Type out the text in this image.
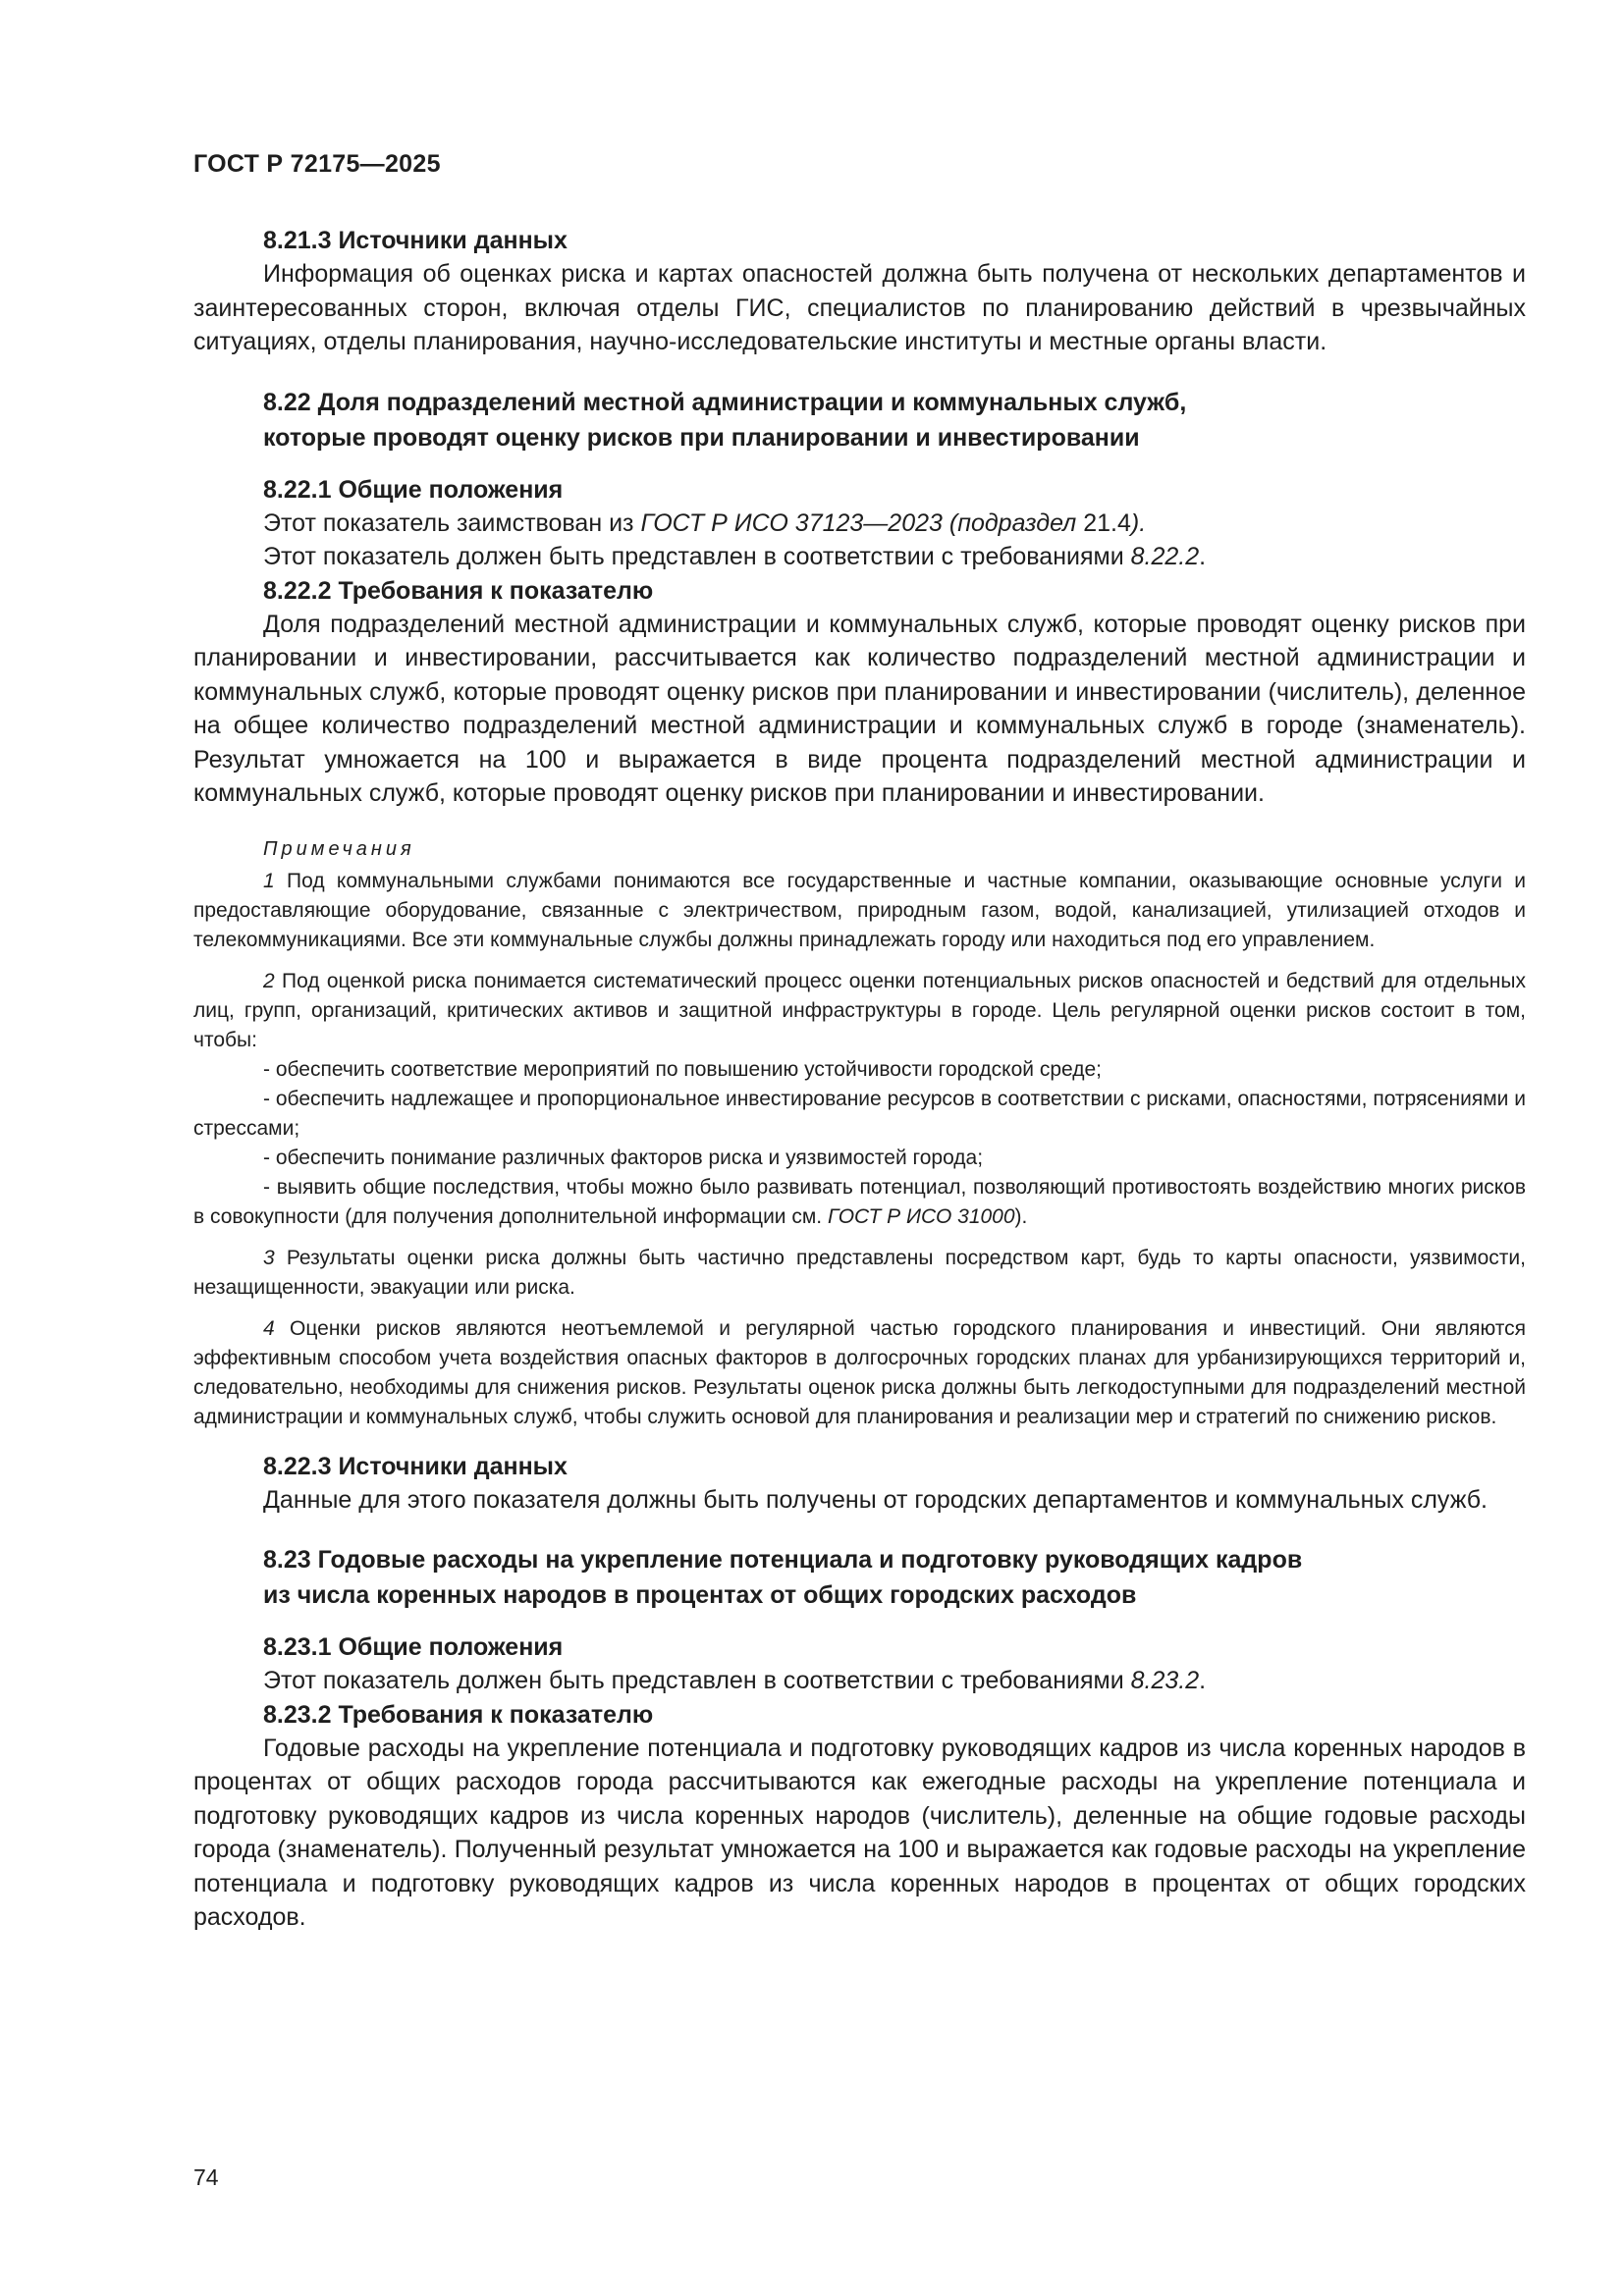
ГОСТ Р 72175—2025

8.21.3 Источники данных

Информация об оценках риска и картах опасностей должна быть получена от нескольких департаментов и заинтересованных сторон, включая отделы ГИС, специалистов по планированию действий в чрезвычайных ситуациях, отделы планирования, научно-исследовательские институты и местные органы власти.

8.22 Доля подразделений местной администрации и коммунальных служб,

которые проводят оценку рисков при планировании и инвестировании

8.22.1 Общие положения

Этот показатель заимствован из ГОСТ Р ИСО 37123—2023 (подраздел 21.4).

Этот показатель должен быть представлен в соответствии с требованиями 8.22.2.

8.22.2 Требования к показателю

Доля подразделений местной администрации и коммунальных служб, которые проводят оценку рисков при планировании и инвестировании, рассчитывается как количество подразделений местной администрации и коммунальных служб, которые проводят оценку рисков при планировании и инвестировании (числитель), деленное на общее количество подразделений местной администрации и коммунальных служб в городе (знаменатель). Результат умножается на 100 и выражается в виде процента подразделений местной администрации и коммунальных служб, которые проводят оценку рисков при планировании и инвестировании.

Примечания

1 Под коммунальными службами понимаются все государственные и частные компании, оказывающие основные услуги и предоставляющие оборудование, связанные с электричеством, природным газом, водой, канализацией, утилизацией отходов и телекоммуникациями. Все эти коммунальные службы должны принадлежать городу или находиться под его управлением.

2 Под оценкой риска понимается систематический процесс оценки потенциальных рисков опасностей и бедствий для отдельных лиц, групп, организаций, критических активов и защитной инфраструктуры в городе. Цель регулярной оценки рисков состоит в том, чтобы:

- обеспечить соответствие мероприятий по повышению устойчивости городской среде;

- обеспечить надлежащее и пропорциональное инвестирование ресурсов в соответствии с рисками, опасностями, потрясениями и стрессами;

- обеспечить понимание различных факторов риска и уязвимостей города;

- выявить общие последствия, чтобы можно было развивать потенциал, позволяющий противостоять воздействию многих рисков в совокупности (для получения дополнительной информации см. ГОСТ Р ИСО 31000).

3 Результаты оценки риска должны быть частично представлены посредством карт, будь то карты опасности, уязвимости, незащищенности, эвакуации или риска.

4 Оценки рисков являются неотъемлемой и регулярной частью городского планирования и инвестиций. Они являются эффективным способом учета воздействия опасных факторов в долгосрочных городских планах для урбанизирующихся территорий и, следовательно, необходимы для снижения рисков. Результаты оценок риска должны быть легкодоступными для подразделений местной администрации и коммунальных служб, чтобы служить основой для планирования и реализации мер и стратегий по снижению рисков.

8.22.3 Источники данных

Данные для этого показателя должны быть получены от городских департаментов и коммунальных служб.

8.23 Годовые расходы на укрепление потенциала и подготовку руководящих кадров

из числа коренных народов в процентах от общих городских расходов

8.23.1 Общие положения

Этот показатель должен быть представлен в соответствии с требованиями 8.23.2.

8.23.2 Требования к показателю

Годовые расходы на укрепление потенциала и подготовку руководящих кадров из числа коренных народов в процентах от общих расходов города рассчитываются как ежегодные расходы на укрепление потенциала и подготовку руководящих кадров из числа коренных народов (числитель), деленные на общие годовые расходы города (знаменатель). Полученный результат умножается на 100 и выражается как годовые расходы на укрепление потенциала и подготовку руководящих кадров из числа коренных народов в процентах от общих городских расходов.

74
